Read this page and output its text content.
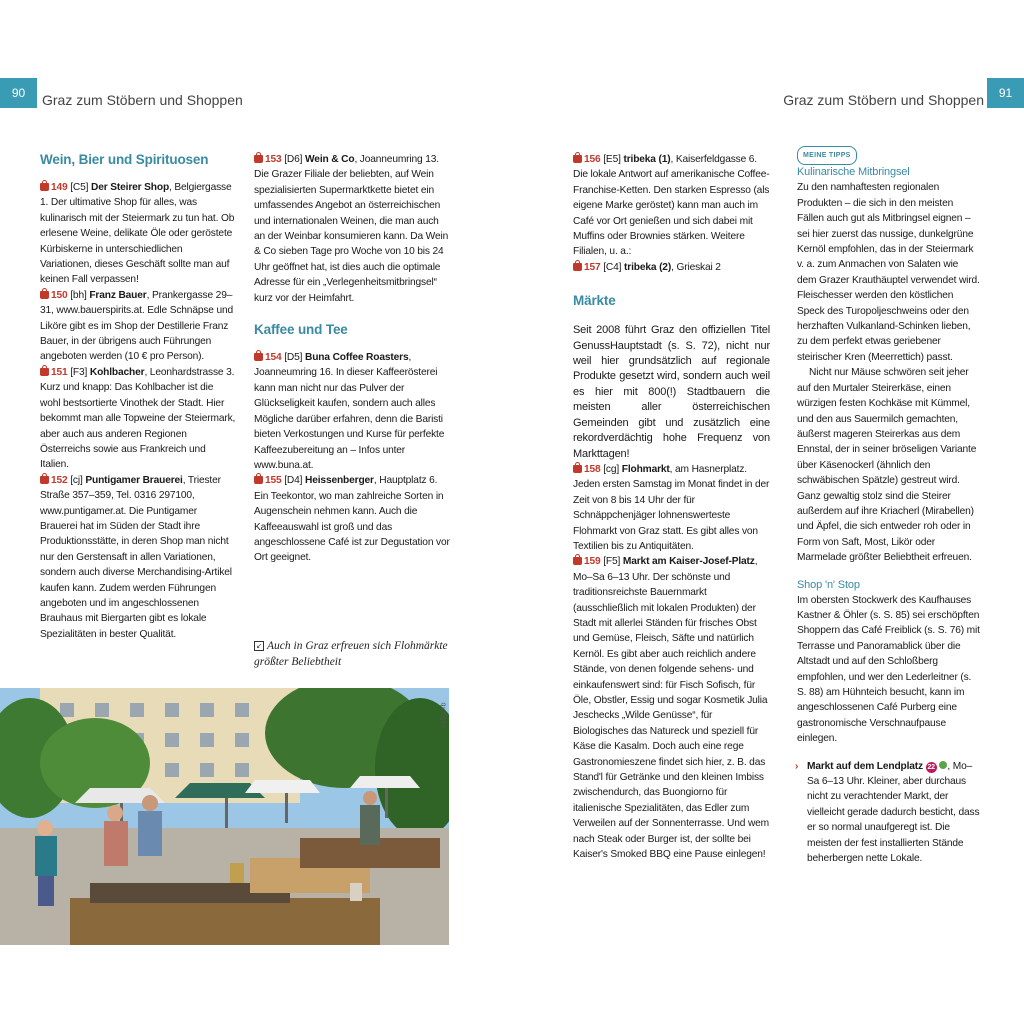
90	Graz zum Stöbern und Shoppen	Graz zum Stöbern und Shoppen	91
Wein, Bier und Spirituosen
149 [C5] Der Steirer Shop, Belgiergasse 1. Der ultimative Shop für alles, was kulinarisch mit der Steiermark zu tun hat. Ob erlesene Weine, delikate Öle oder geröstete Kürbiskerne in unterschiedlichen Variationen, dieses Geschäft sollte man auf keinen Fall verpassen!
150 [bh] Franz Bauer, Prankergasse 29–31, www.bauerspirits.at. Edle Schnäpse und Liköre gibt es im Shop der Destillerie Franz Bauer, in der übrigens auch Führungen angeboten werden (10 € pro Person).
151 [F3] Kohlbacher, Leonhardstrasse 3. Kurz und knapp: Das Kohlbacher ist die wohl bestsortierte Vinothek der Stadt. Hier bekommt man alle Topweine der Steiermark, aber auch aus anderen Regionen Österreichs sowie aus Frankreich und Italien.
152 [cj] Puntigamer Brauerei, Triester Straße 357–359, Tel. 0316 297100, www.puntigamer.at. Die Puntigamer Brauerei hat im Süden der Stadt ihre Produktionsstätte, in deren Shop man nicht nur den Gerstensaft in allen Variationen, sondern auch diverse Merchandising-Artikel kaufen kann. Zudem werden Führungen angeboten und im angeschlossenen Brauhaus mit Biergarten gibt es lokale Spezialitäten in bester Qualität.
153 [D6] Wein & Co, Joanneumring 13. Die Grazer Filiale der beliebten, auf Wein spezialisierten Supermarktkette bietet ein umfassendes Angebot an österreichischen und internationalen Weinen, die man auch an der Weinbar konsumieren kann. Da Wein & Co sieben Tage pro Woche von 10 bis 24 Uhr geöffnet hat, ist dies auch die optimale Adresse für ein „Verlegenheitsmitbringsel“ kurz vor der Heimfahrt.
Kaffee und Tee
154 [D5] Buna Coffee Roasters, Joanneumring 16. In dieser Kaffeerösterei kann man nicht nur das Pulver der Glückseligkeit kaufen, sondern auch alles Mögliche darüber erfahren, denn die Baristi bieten Verkostungen und Kurse für perfekte Kaffeezubereitung an – Infos unter www.buna.at.
155 [D4] Heissenberger, Hauptplatz 6. Ein Teekontor, wo man zahlreiche Sorten in Augenschein nehmen kann. Auch die Kaffeeauswahl ist groß und das angeschlossene Café ist zur Degustation vor Ort geeignet.
↙ Auch in Graz erfreuen sich Flohmärkte größter Beliebtheit
043gr rb
156 [E5] tribeka (1), Kaiserfeldgasse 6. Die lokale Antwort auf amerikanische Coffee-Franchise-Ketten. Den starken Espresso (als eigene Marke geröstet) kann man auch im Café vor Ort genießen und sich dabei mit Muffins oder Brownies stärken. Weitere Filialen, u. a.:
157 [C4] tribeka (2), Grieskai 2
Märkte

Seit 2008 führt Graz den offiziellen Titel GenussHauptstadt (s. S. 72), nicht nur weil hier grundsätzlich auf regionale Produkte gesetzt wird, sondern auch weil es hier mit 800(!) Stadtbauern die meisten aller österreichischen Gemeinden gibt und zusätzlich eine rekordverdächtig hohe Frequenz von Markttagen!

158 [cg] Flohmarkt, am Hasnerplatz. Jeden ersten Samstag im Monat findet in der Zeit von 8 bis 14 Uhr der für Schnäppchenjäger lohnenswerteste Flohmarkt von Graz statt. Es gibt alles von Textilien bis zu Antiquitäten.
159 [F5] Markt am Kaiser-Josef-Platz, Mo–Sa 6–13 Uhr. Der schönste und traditionsreichste Bauernmarkt (ausschließlich mit lokalen Produkten) der Stadt mit allerlei Ständen für frisches Obst und Gemüse, Fleisch, Säfte und natürlich Kernöl. Es gibt aber auch reichlich andere Stände, von denen folgende sehens- und einkaufenswert sind: für Fisch Sofisch, für Öle, Obstler, Essig und sogar Kosmetik Julia Jeschecks „Wilde Genüsse“, für Biologisches das Natureck und speziell für Käse die Kasalm. Doch auch eine rege Gastronomieszene findet sich hier, z. B. das Stand'l für Getränke und den kleinen Imbiss zwischendurch, das Buongiorno für italienische Spezialitäten, das Edler zum Verweilen auf der Sonnenterrasse. Und wem nach Steak oder Burger ist, der sollte bei Kaiser's Smoked BBQ eine Pause einlegen!
MEINE TIPPS
Kulinarische Mitbringsel

Zu den namhaftesten regionalen Produkten – die sich in den meisten Fällen auch gut als Mitbringsel eignen – sei hier zuerst das nussige, dunkelgrüne Kernöl empfohlen, das in der Steiermark v. a. zum Anmachen von Salaten wie dem Grazer Krauthäuptel verwendet wird. Fleischesser werden den köstlichen Speck des Turopoljeschweins oder den herzhaften Vulkanland-Schinken lieben, zu dem perfekt etwas geriebener steirischer Kren (Meerrettich) passt.

Nicht nur Mäuse schwören seit jeher auf den Murtaler Steirerkäse, einen würzigen festen Kochkäse mit Kümmel, und den aus Sauermilch gemachten, äußerst mageren Steirerkas aus dem Ennstal, der in seiner bröseligen Variante über Käsenockerl (ähnlich den schwäbischen Spätzle) gestreut wird. Ganz gewaltig stolz sind die Steirer außerdem auf ihre Kriacherl (Mirabellen) und Äpfel, die sich entweder roh oder in Form von Saft, Most, Likör oder Marmelade größter Beliebtheit erfreuen.

Shop 'n' Stop

Im obersten Stockwerk des Kaufhauses Kastner & Öhler (s. S. 85) sei erschöpften Shoppern das Café Freiblick (s. S. 76) mit Terrasse und Panoramablick über die Altstadt und auf den Schloßberg empfohlen, und wer den Lederleitner (s. S. 88) am Hühnteich besucht, kann im angeschlossenen Café Purberg eine gastronomische Verschnaufpause einlegen.

› Markt auf dem Lendplatz 22 , Mo–Sa 6–13 Uhr. Kleiner, aber durchaus nicht zu verachtender Markt, der vielleicht gerade dadurch besticht, dass er so normal unaufgeregt ist. Die meisten der fest installierten Stände beherbergen nette Lokale.
